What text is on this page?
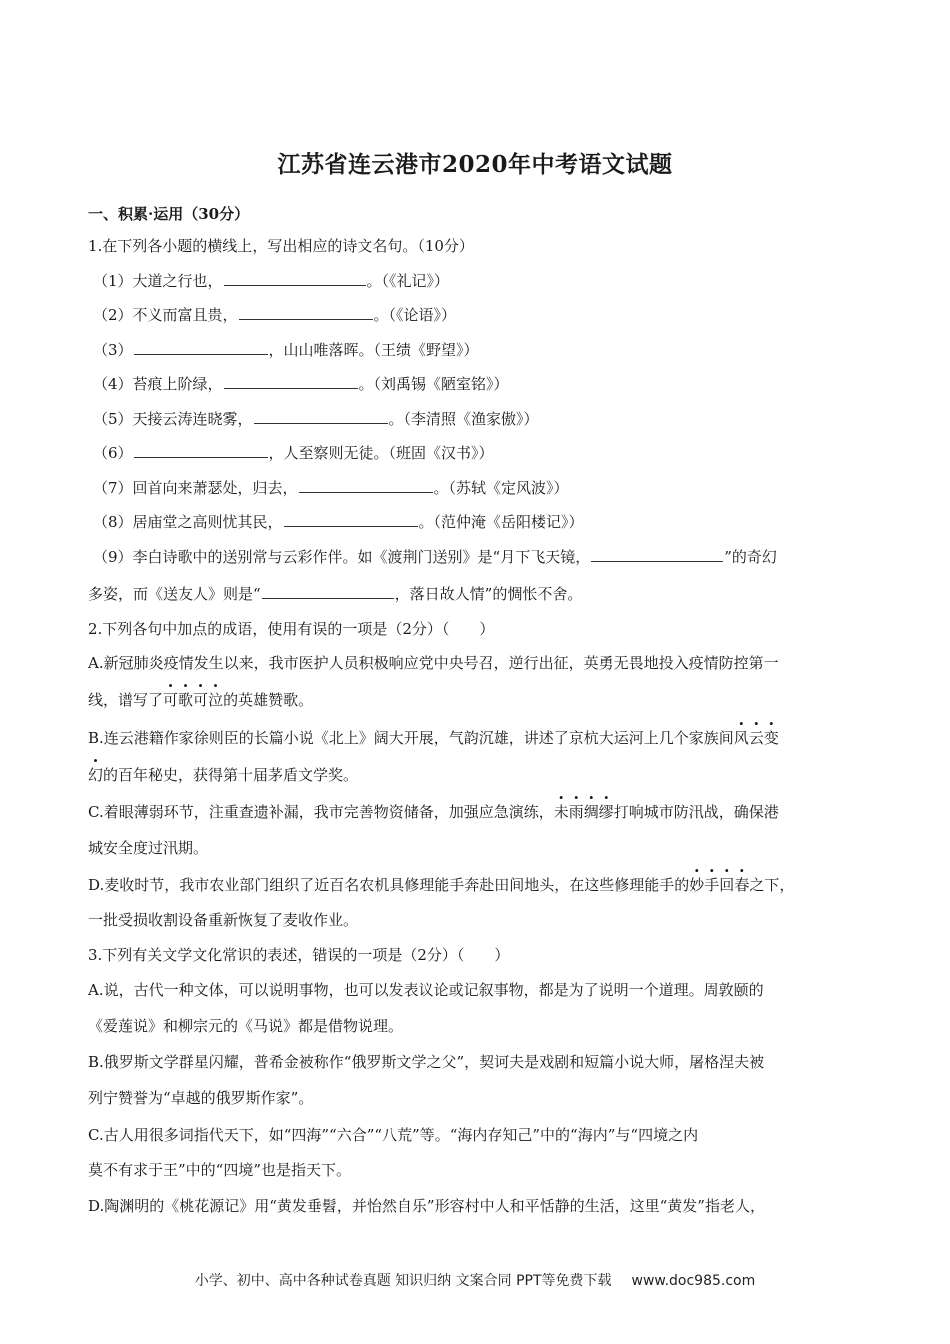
江苏省连云港市2020年中考语文试题
一、积累·运用（30分）
1.在下列各小题的横线上，写出相应的诗文名句。（10分）
（1）大道之行也，	。（《礼记》）
（2）不义而富且贵，	。（《论语》）
（3）	，山山唯落晖。（王绩《野望》）
（4）苔痕上阶绿，	。（刘禹锡《陋室铭》）
（5）天接云涛连晓雾，	。（李清照《渔家傲》）
（6）	，人至察则无徒。（班固《汉书》）
（7）回首向来萧瑟处，归去，	。（苏轼《定风波》）
（8）居庙堂之高则忧其民，	。（范仲淹《岳阳楼记》）
（9）李白诗歌中的送别常与云彩作伴。如《渡荆门送别》是“月下飞天镜，	”的奇幻
多姿，而《送友人》则是“	，落日故人情”的惆怅不舍。
2.下列各句中加点的成语，使用有误的一项是（2分）（　　）
A.新冠肺炎疫情发生以来，我市医护人员积极响应党中央号召，逆行出征，英勇无畏地投入疫情防控第一
线，谱写了可歌可泣的英雄赞歌。
B.连云港籍作家徐则臣的长篇小说《北上》阔大开展，气韵沉雄，讲述了京杭大运河上几个家族间风云变
幻的百年秘史，获得第十届茅盾文学奖。
C.着眼薄弱环节，注重查遗补漏，我市完善物资储备，加强应急演练，未雨绸缪打响城市防汛战，确保港
城安全度过汛期。
D.麦收时节，我市农业部门组织了近百名农机具修理能手奔赴田间地头，在这些修理能手的妙手回春之下，
一批受损收割设备重新恢复了麦收作业。
3.下列有关文学文化常识的表述，错误的一项是（2分）（　　）
A.说，古代一种文体，可以说明事物，也可以发表议论或记叙事物，都是为了说明一个道理。周敦颐的
《爱莲说》和柳宗元的《马说》都是借物说理。
B.俄罗斯文学群星闪耀，普希金被称作“俄罗斯文学之父”，契诃夫是戏剧和短篇小说大师，屠格涅夫被
列宁赞誉为“卓越的俄罗斯作家”。
C.古人用很多词指代天下，如“四海”“六合”“八荒”等。“海内存知己”中的“海内”与“四境之内
莫不有求于王”中的“四境”也是指天下。
D.陶渊明的《桃花源记》用“黄发垂髫，并怡然自乐”形容村中人和平恬静的生活，这里“黄发”指老人，
小学、初中、高中各种试卷真题 知识归纳 文案合同 PPT等免费下载 www.doc985.com
